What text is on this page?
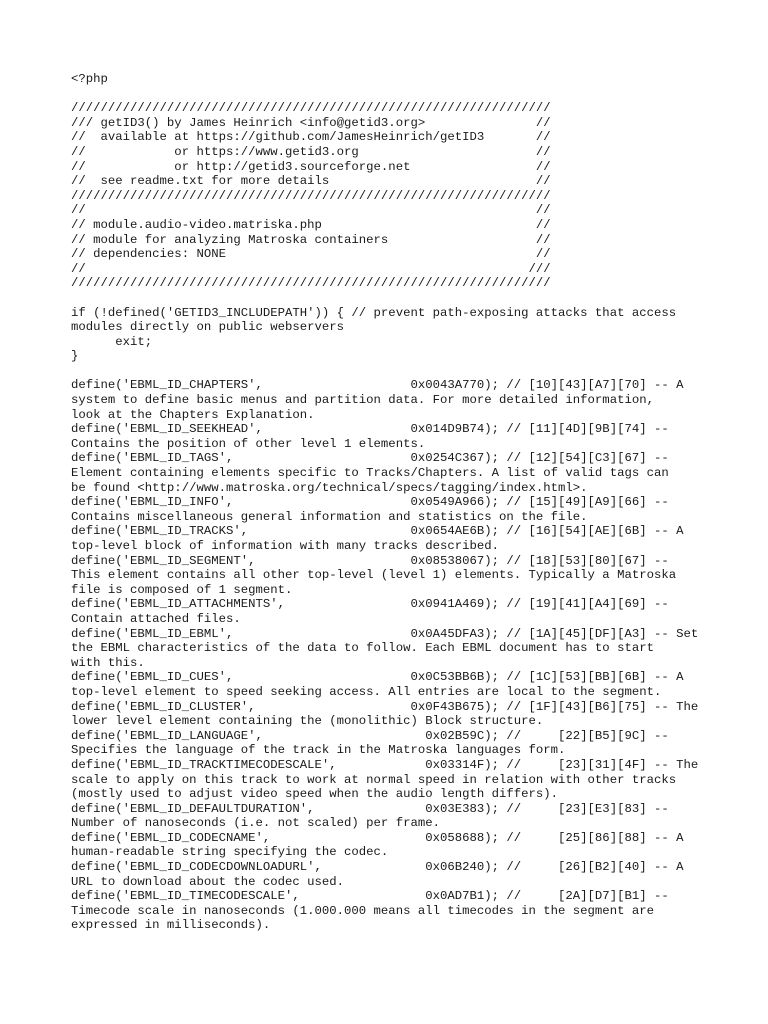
<?php
/////////////////////////////////////////////////////////////////
/// getID3() by James Heinrich <info@getid3.org>               //
//  available at https://github.com/JamesHeinrich/getID3       //
//            or https://www.getid3.org                        //
//            or http://getid3.sourceforge.net                 //
//  see readme.txt for more details                            //
/////////////////////////////////////////////////////////////////
//                                                             //
// module.audio-video.matriska.php                             //
// module for analyzing Matroska containers                    //
// dependencies: NONE                                          //
//                                                            ///
/////////////////////////////////////////////////////////////////
if (!defined('GETID3_INCLUDEPATH')) { // prevent path-exposing attacks that access
modules directly on public webservers
exit;
}
define('EBML_ID_CHAPTERS',                    0x0043A770); // [10][43][A7][70] -- A
system to define basic menus and partition data. For more detailed information,
look at the Chapters Explanation.
define('EBML_ID_SEEKHEAD',                    0x014D9B74); // [11][4D][9B][74] --
Contains the position of other level 1 elements.
define('EBML_ID_TAGS',                        0x0254C367); // [12][54][C3][67] --
Element containing elements specific to Tracks/Chapters. A list of valid tags can
be found <http://www.matroska.org/technical/specs/tagging/index.html>.
define('EBML_ID_INFO',                        0x0549A966); // [15][49][A9][66] --
Contains miscellaneous general information and statistics on the file.
define('EBML_ID_TRACKS',                      0x0654AE6B); // [16][54][AE][6B] -- A
top-level block of information with many tracks described.
define('EBML_ID_SEGMENT',                     0x08538067); // [18][53][80][67] --
This element contains all other top-level (level 1) elements. Typically a Matroska
file is composed of 1 segment.
define('EBML_ID_ATTACHMENTS',                 0x0941A469); // [19][41][A4][69] --
Contain attached files.
define('EBML_ID_EBML',                        0x0A45DFA3); // [1A][45][DF][A3] -- Set
the EBML characteristics of the data to follow. Each EBML document has to start
with this.
define('EBML_ID_CUES',                        0x0C53BB6B); // [1C][53][BB][6B] -- A
top-level element to speed seeking access. All entries are local to the segment.
define('EBML_ID_CLUSTER',                     0x0F43B675); // [1F][43][B6][75] -- The
lower level element containing the (monolithic) Block structure.
define('EBML_ID_LANGUAGE',                      0x02B59C); //     [22][B5][9C] --
Specifies the language of the track in the Matroska languages form.
define('EBML_ID_TRACKTIMECODESCALE',            0x03314F); //     [23][31][4F] -- The
scale to apply on this track to work at normal speed in relation with other tracks
(mostly used to adjust video speed when the audio length differs).
define('EBML_ID_DEFAULTDURATION',               0x03E383); //     [23][E3][83] --
Number of nanoseconds (i.e. not scaled) per frame.
define('EBML_ID_CODECNAME',                     0x058688); //     [25][86][88] -- A
human-readable string specifying the codec.
define('EBML_ID_CODECDOWNLOADURL',              0x06B240); //     [26][B2][40] -- A
URL to download about the codec used.
define('EBML_ID_TIMECODESCALE',                 0x0AD7B1); //     [2A][D7][B1] --
Timecode scale in nanoseconds (1.000.000 means all timecodes in the segment are
expressed in milliseconds).
